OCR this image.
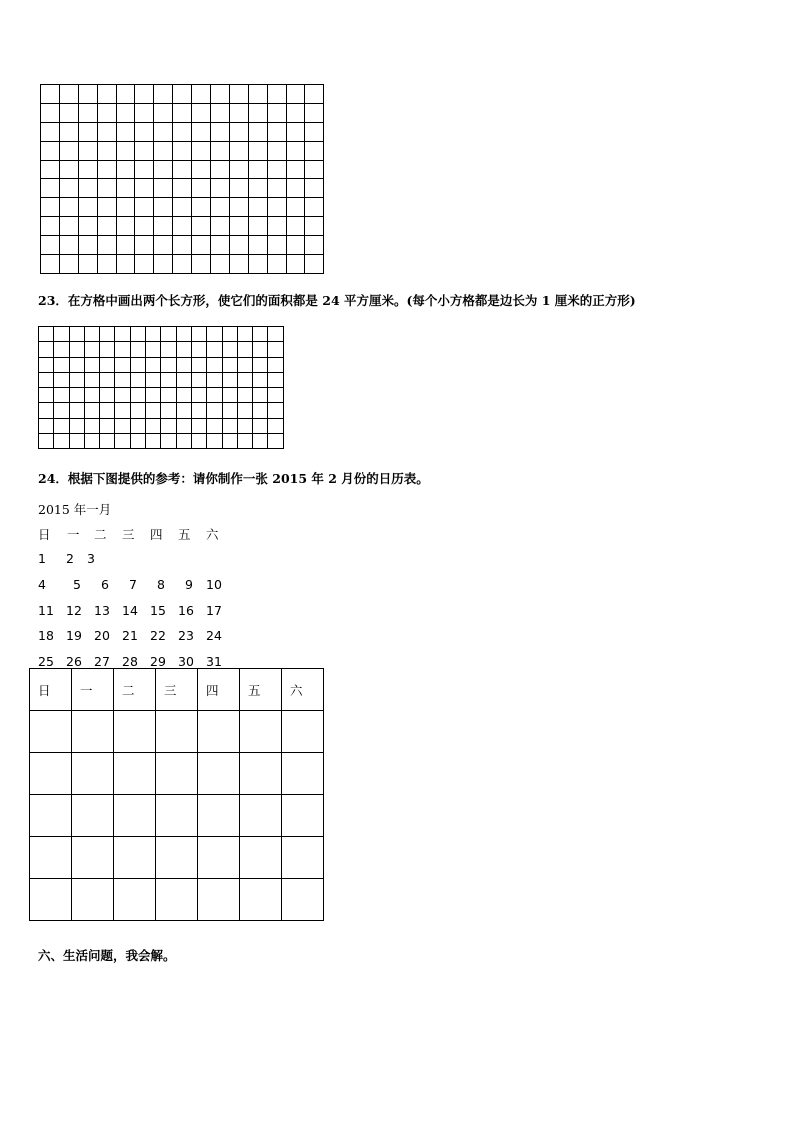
23．在方格中画出两个长方形，使它们的面积都是 24 平方厘米。(每个小方格都是边长为 1 厘米的正方形)

24．根据下图提供的参考：请你制作一张 2015 年 2 月份的日历表。
2015 年一月
日 一 二 三 四 五 六
1 2 3
4 5 6 7 8 9 10
11 12 13 14 15 16 17
18 19 20 21 22 23 24
25 26 27 28 29 30 31
日	一	二	三	四	五	六

六、生活问题，我会解。
